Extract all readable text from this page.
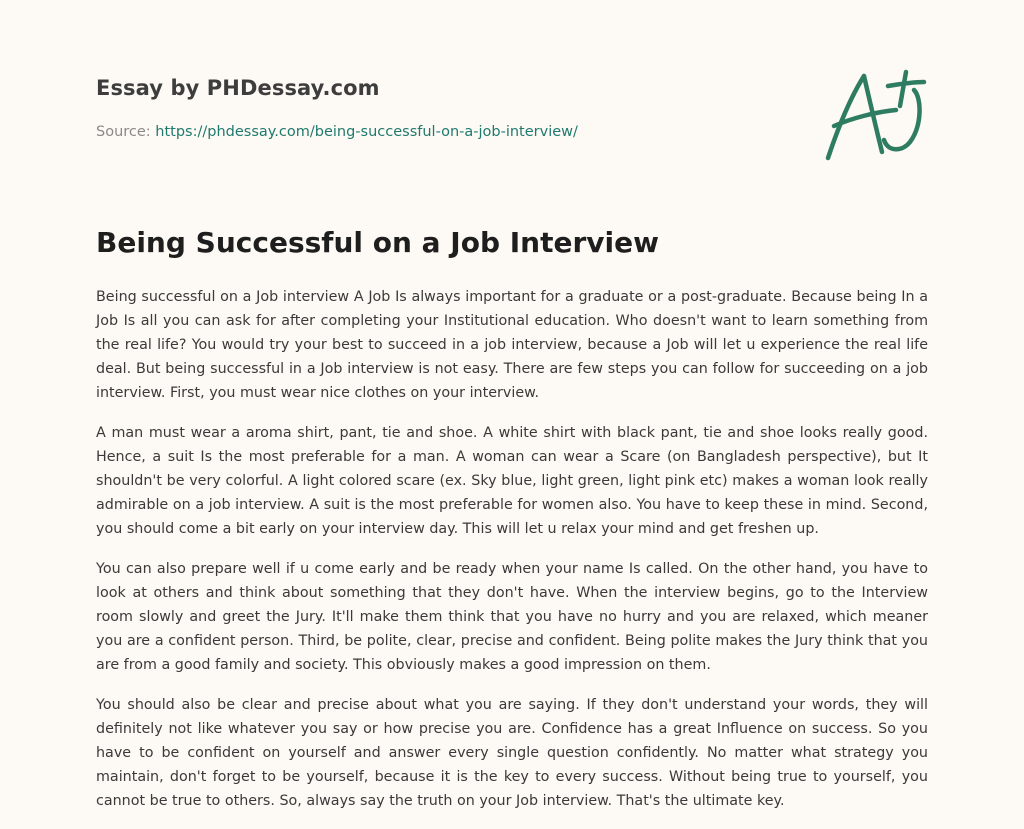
Essay by PHDessay.com
Source: https://phdessay.com/being-successful-on-a-job-interview/
Being Successful on a Job Interview

Being successful on a Job interview A Job Is always important for a graduate or a post-graduate. Because being In a Job Is all you can ask for after completing your Institutional education. Who doesn't want to learn something from the real life? You would try your best to succeed in a job interview, because a Job will let u experience the real life deal. But being successful in a Job interview is not easy. There are few steps you can follow for succeeding on a job interview. First, you must wear nice clothes on your interview.

A man must wear a aroma shirt, pant, tie and shoe. A white shirt with black pant, tie and shoe looks really good. Hence, a suit Is the most preferable for a man. A woman can wear a Scare (on Bangladesh perspective), but It shouldn't be very colorful. A light colored scare (ex. Sky blue, light green, light pink etc) makes a woman look really admirable on a job interview. A suit is the most preferable for women also. You have to keep these in mind. Second, you should come a bit early on your interview day. This will let u relax your mind and get freshen up.

You can also prepare well if u come early and be ready when your name Is called. On the other hand, you have to look at others and think about something that they don't have. When the interview begins, go to the Interview room slowly and greet the Jury. It'll make them think that you have no hurry and you are relaxed, which meaner you are a confident person. Third, be polite, clear, precise and confident. Being polite makes the Jury think that you are from a good family and society. This obviously makes a good impression on them.

You should also be clear and precise about what you are saying. If they don't understand your words, they will definitely not like whatever you say or how precise you are. Confidence has a great Influence on success. So you have to be confident on yourself and answer every single question confidently. No matter what strategy you maintain, don't forget to be yourself, because it is the key to every success. Without being true to yourself, you cannot be true to others. So, always say the truth on your Job interview. That's the ultimate key.
